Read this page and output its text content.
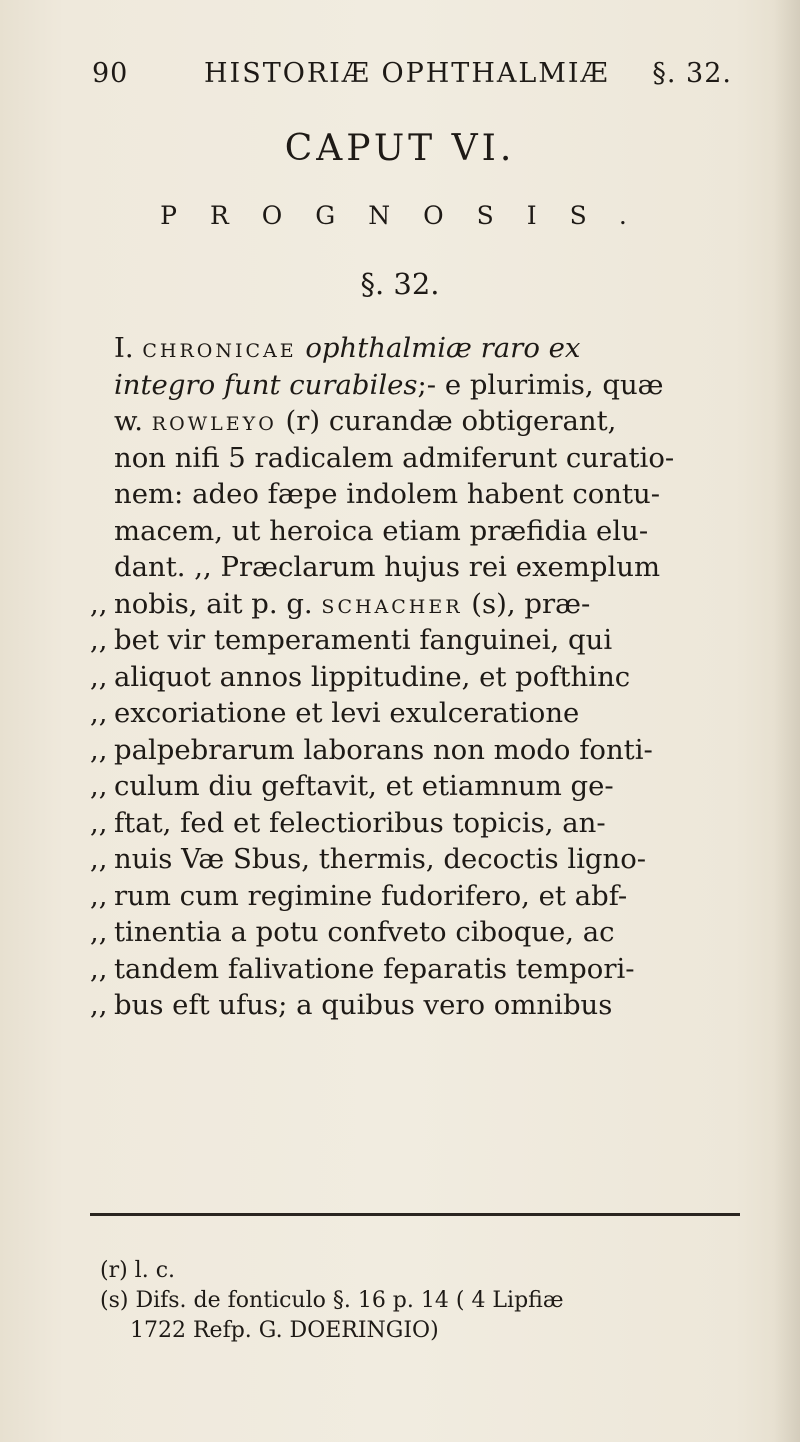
90	HISTORIÆ OPHTHALMIÆ §. 32.
CAPUT VI.
PROGNOSIS.
§. 32.
I. chronicae ophthalmiæ raro ex
integro funt curabiles;- e plurimis, quæ
w. rowleyo (r) curandæ obtigerant,
non nifi 5 radicalem admiferunt curatio-
nem: adeo fæpe indolem habent contu-
macem, ut heroica etiam præfidia elu-
dant. ,, Præclarum hujus rei exemplum
,, nobis, ait p. g. schacher (s), præ-
,, bet vir temperamenti fanguinei, qui
,, aliquot annos lippitudine, et pofthinc
,, excoriatione et levi exulceratione
,, palpebrarum laborans non modo fonti-
,, culum diu geftavit, et etiamnum ge-
,, ftat, fed et felectioribus topicis, an-
,, nuis Væ Sbus, thermis, decoctis ligno-
,, rum cum regimine fudorifero, et abf-
,, tinentia a potu confveto ciboque, ac
,, tandem falivatione feparatis tempori-
,, bus eft ufus; a quibus vero omnibus
(r) l. c.
(s) Difs. de fonticulo §. 16 p. 14 ( 4 Lipfiæ
1722 Refp. G. DOERINGIO)
